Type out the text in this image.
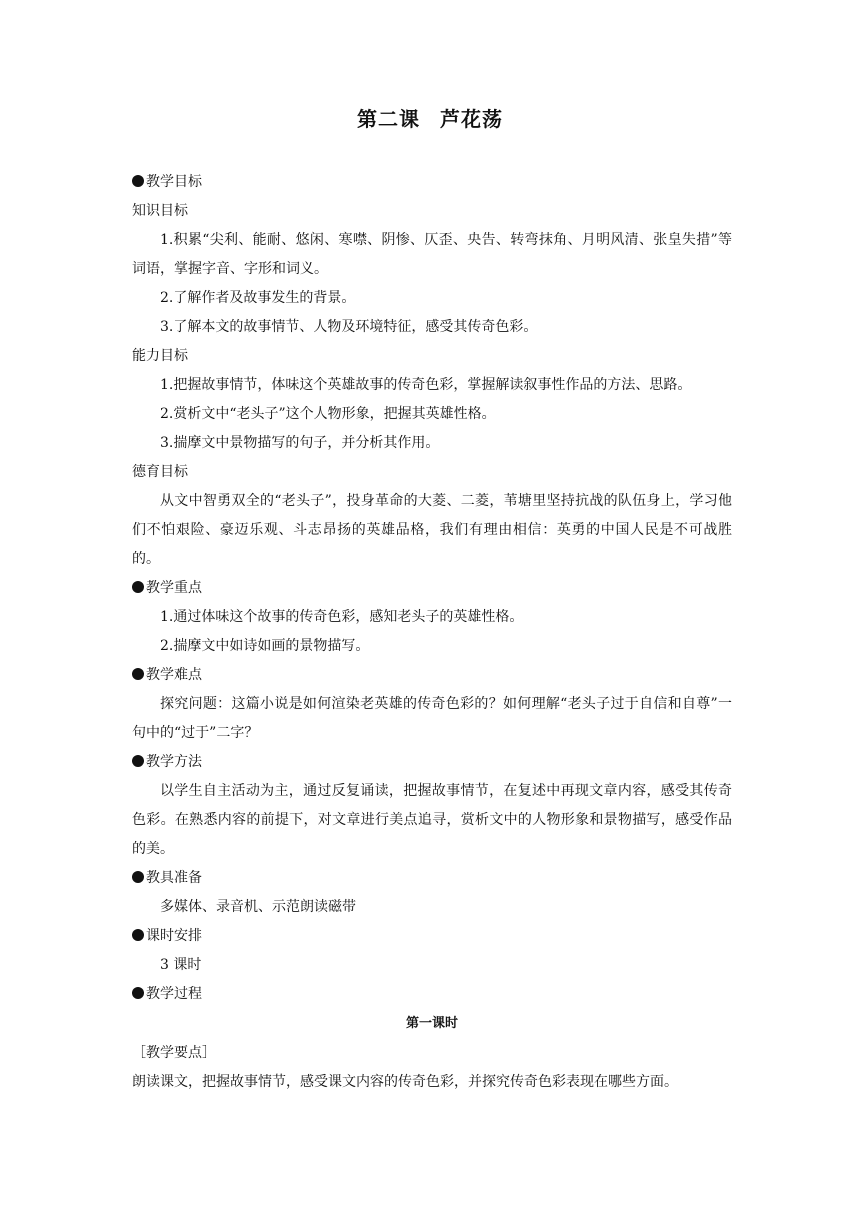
第二课 芦花荡
教学目标
知识目标
1.积累“尖利、能耐、悠闲、寒噤、阴惨、仄歪、央告、转弯抹角、月明风清、张皇失措”等词语，掌握字音、字形和词义。
2.了解作者及故事发生的背景。
3.了解本文的故事情节、人物及环境特征，感受其传奇色彩。
能力目标
1.把握故事情节，体味这个英雄故事的传奇色彩，掌握解读叙事性作品的方法、思路。
2.赏析文中“老头子”这个人物形象，把握其英雄性格。
3.揣摩文中景物描写的句子，并分析其作用。
德育目标
从文中智勇双全的“老头子”，投身革命的大菱、二菱，苇塘里坚持抗战的队伍身上，学习他们不怕艰险、豪迈乐观、斗志昂扬的英雄品格，我们有理由相信：英勇的中国人民是不可战胜的。
教学重点
1.通过体味这个故事的传奇色彩，感知老头子的英雄性格。
2.揣摩文中如诗如画的景物描写。
教学难点
探究问题：这篇小说是如何渲染老英雄的传奇色彩的？如何理解“老头子过于自信和自尊”一句中的“过于”二字？
教学方法
以学生自主活动为主，通过反复诵读，把握故事情节，在复述中再现文章内容，感受其传奇色彩。在熟悉内容的前提下，对文章进行美点追寻，赏析文中的人物形象和景物描写，感受作品的美。
教具准备
多媒体、录音机、示范朗读磁带
课时安排
3 课时
教学过程
第一课时
［教学要点］
朗读课文，把握故事情节，感受课文内容的传奇色彩，并探究传奇色彩表现在哪些方面。
